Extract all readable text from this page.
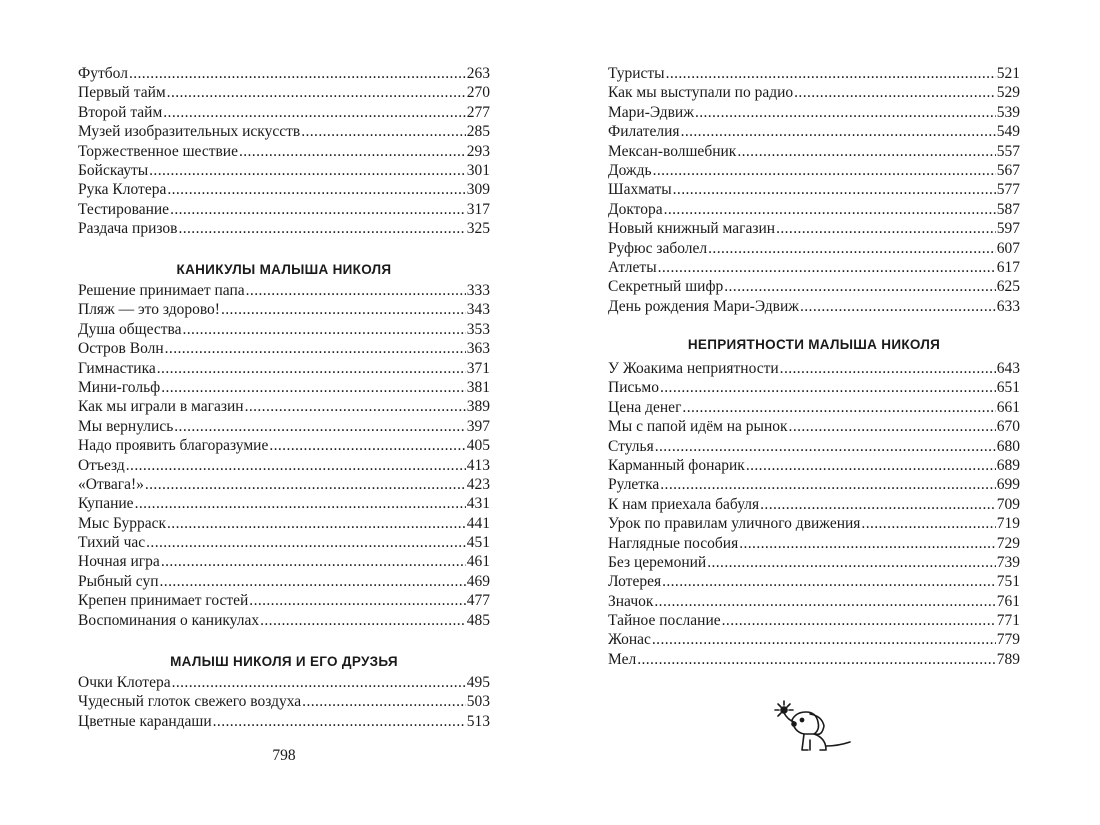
Футбол .....	263
Первый тайм .....	270
Второй тайм .....	277
Музей изобразительных искусств .....	285
Торжественное шествие .....	293
Бойскауты .....	301
Рука Клотера .....	309
Тестирование .....	317
Раздача призов .....	325
КАНИКУЛЫ МАЛЫША НИКОЛЯ
Решение принимает папа .....	333
Пляж — это здорово! .....	343
Душа общества .....	353
Остров Волн .....	363
Гимнастика .....	371
Мини-гольф .....	381
Как мы играли в магазин .....	389
Мы вернулись .....	397
Надо проявить благоразумие .....	405
Отъезд .....	413
«Отвага!» .....	423
Купание .....	431
Мыс Бурраск .....	441
Тихий час .....	451
Ночная игра .....	461
Рыбный суп .....	469
Крепен принимает гостей .....	477
Воспоминания о каникулах .....	485
МАЛЫШ НИКОЛЯ И ЕГО ДРУЗЬЯ
Очки Клотера .....	495
Чудесный глоток свежего воздуха .....	503
Цветные карандаши .....	513

798

Туристы .....	521
Как мы выступали по радио .....	529
Мари-Эдвиж .....	539
Филателия .....	549
Мексан-волшебник .....	557
Дождь .....	567
Шахматы .....	577
Доктора .....	587
Новый книжный магазин .....	597
Руфюс заболел .....	607
Атлеты .....	617
Секретный шифр .....	625
День рождения Мари-Эдвиж .....	633
НЕПРИЯТНОСТИ МАЛЫША НИКОЛЯ
У Жоакима неприятности .....	643
Письмо .....	651
Цена денег .....	661
Мы с папой идём на рынок .....	670
Стулья .....	680
Карманный фонарик .....	689
Рулетка .....	699
К нам приехала бабуля .....	709
Урок по правилам уличного движения .....	719
Наглядные пособия .....	729
Без церемоний .....	739
Лотерея .....	751
Значок .....	761
Тайное послание .....	771
Жонас .....	779
Мел .....	789
